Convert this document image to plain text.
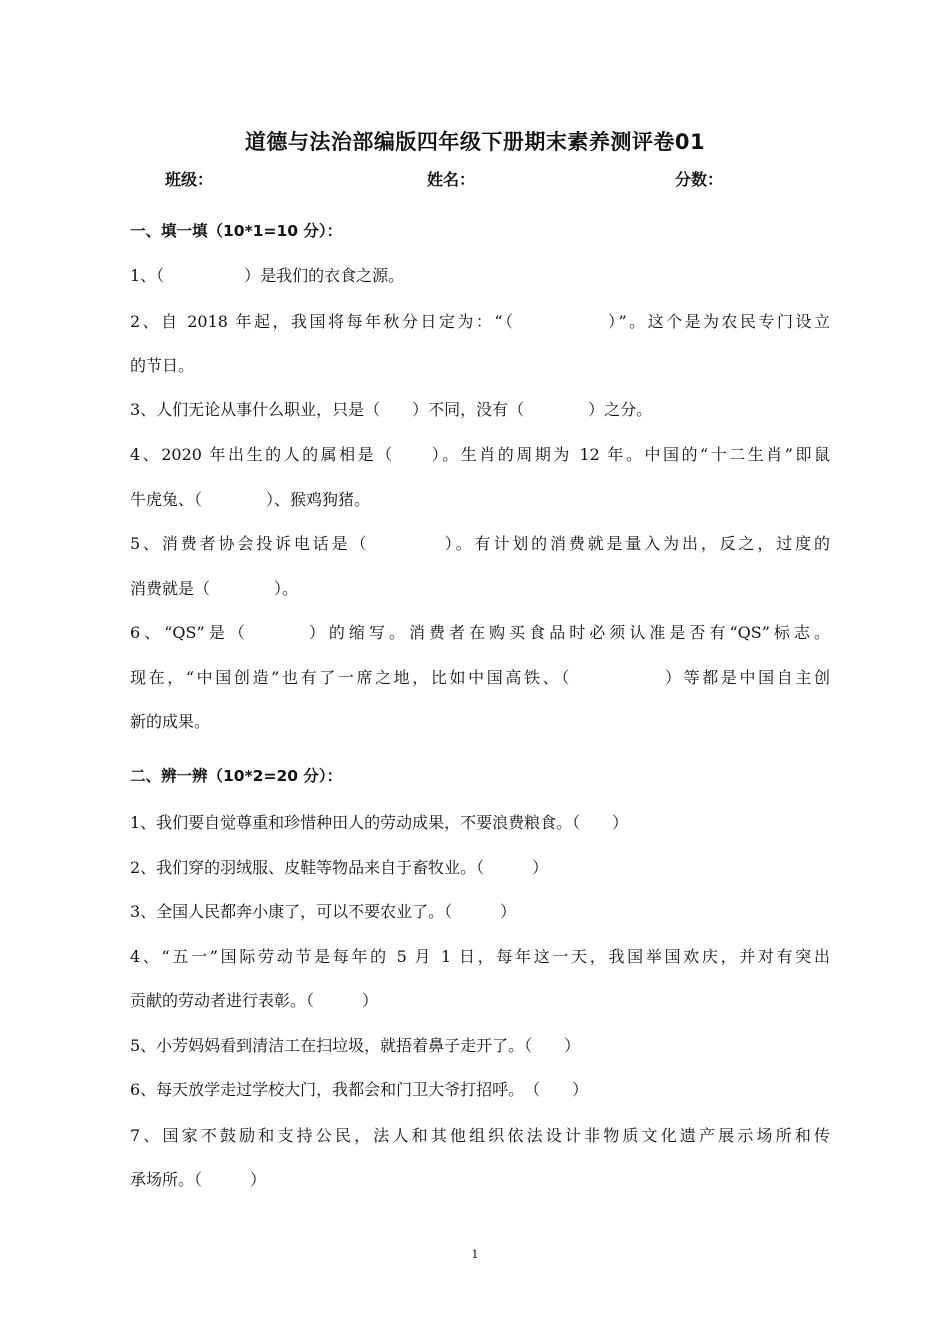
道德与法治部编版四年级下册期末素养测评卷01
班级：	姓名：	分数：
一、填一填（10*1=10 分）：
1、（　　　　　）是我们的衣食之源。
2、自 2018 年起，我国将每年秋分日定为：“（　　　　　）”。这个是为农民专门设立
的节日。
3、人们无论从事什么职业，只是（　　）不同，没有（　　　　）之分。
4、2020 年出生的人的属相是（　　）。生肖的周期为 12 年。中国的“十二生肖”即鼠
牛虎兔、（　　　　）、猴鸡狗猪。
5、消费者协会投诉电话是（　　　　）。有计划的消费就是量入为出，反之，过度的
消费就是（　　　　）。
6、“QS”是（　　　）的缩写。消费者在购买食品时必须认准是否有“QS”标志。
现在，“中国创造”也有了一席之地，比如中国高铁、（　　　　　）等都是中国自主创
新的成果。
二、辨一辨（10*2=20 分）：
1、我们要自觉尊重和珍惜种田人的劳动成果，不要浪费粮食。（　　）
2、我们穿的羽绒服、皮鞋等物品来自于畜牧业。（　　　）
3、全国人民都奔小康了，可以不要农业了。（　　　）
4、“五一”国际劳动节是每年的 5 月 1 日，每年这一天，我国举国欢庆，并对有突出
贡献的劳动者进行表彰。（　　　）
5、小芳妈妈看到清洁工在扫垃圾，就捂着鼻子走开了。（　　）
6、每天放学走过学校大门，我都会和门卫大爷打招呼。　（　　）
7、国家不鼓励和支持公民，法人和其他组织依法设计非物质文化遗产展示场所和传
承场所。（　　　）
1
